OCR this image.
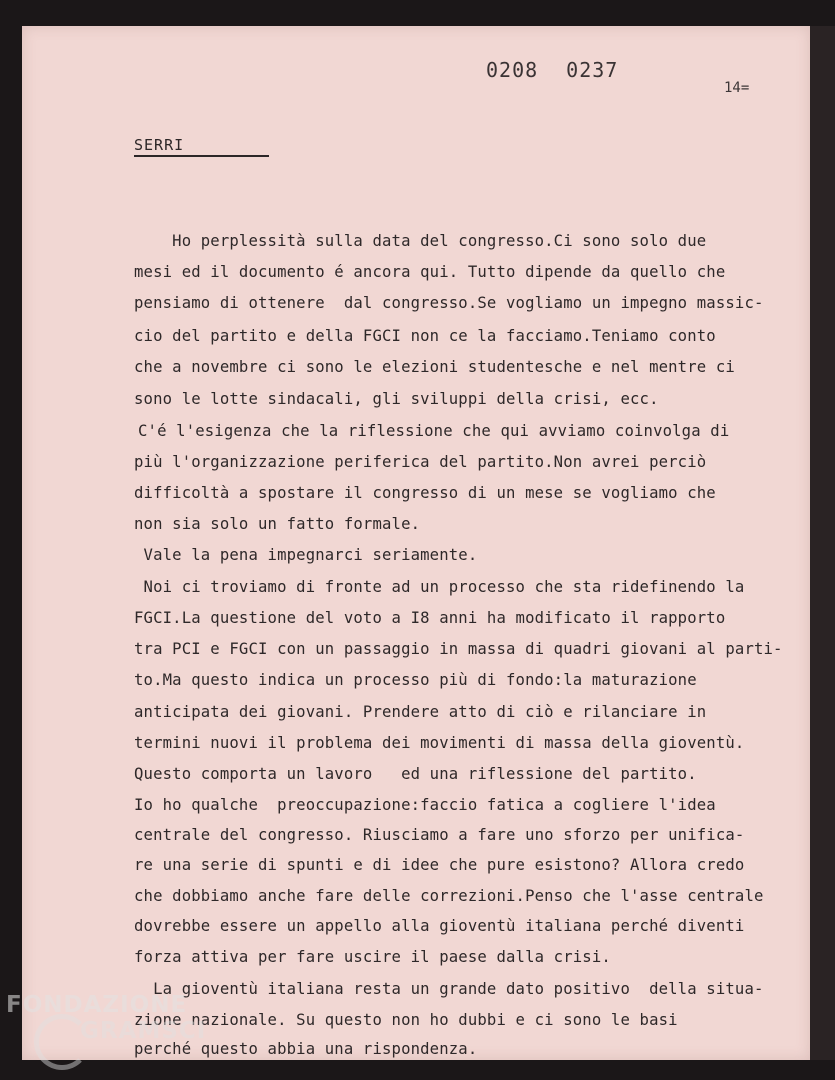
0208 0237
14=
SERRI
Ho perplessità sulla data del congresso.Ci sono solo due
mesi ed il documento é ancora qui. Tutto dipende da quello che
pensiamo di ottenere  dal congresso.Se vogliamo un impegno massic-
cio del partito e della FGCI non ce la facciamo.Teniamo conto
che a novembre ci sono le elezioni studentesche e nel mentre ci
sono le lotte sindacali, gli sviluppi della crisi, ecc.
C'é l'esigenza che la riflessione che qui avviamo coinvolga di
più l'organizzazione periferica del partito.Non avrei perciò
difficoltà a spostare il congresso di un mese se vogliamo che
non sia solo un fatto formale.
Vale la pena impegnarci seriamente.
Noi ci troviamo di fronte ad un processo che sta ridefinendo la
FGCI.La questione del voto a I8 anni ha modificato il rapporto
tra PCI e FGCI con un passaggio in massa di quadri giovani al parti-
to.Ma questo indica un processo più di fondo:la maturazione
anticipata dei giovani. Prendere atto di ciò e rilanciare in
termini nuovi il problema dei movimenti di massa della gioventù.
Questo comporta un lavoro   ed una riflessione del partito.
Io ho qualche  preoccupazione:faccio fatica a cogliere l'idea
centrale del congresso. Riusciamo a fare uno sforzo per unifica-
re una serie di spunti e di idee che pure esistono? Allora credo
che dobbiamo anche fare delle correzioni.Penso che l'asse centrale
dovrebbe essere un appello alla gioventù italiana perché diventi
forza attiva per fare uscire il paese dalla crisi.
La gioventù italiana resta un grande dato positivo  della situa-
zione nazionale. Su questo non ho dubbi e ci sono le basi
perché questo abbia una rispondenza.
FONDAZIONE
GRAMSCI
